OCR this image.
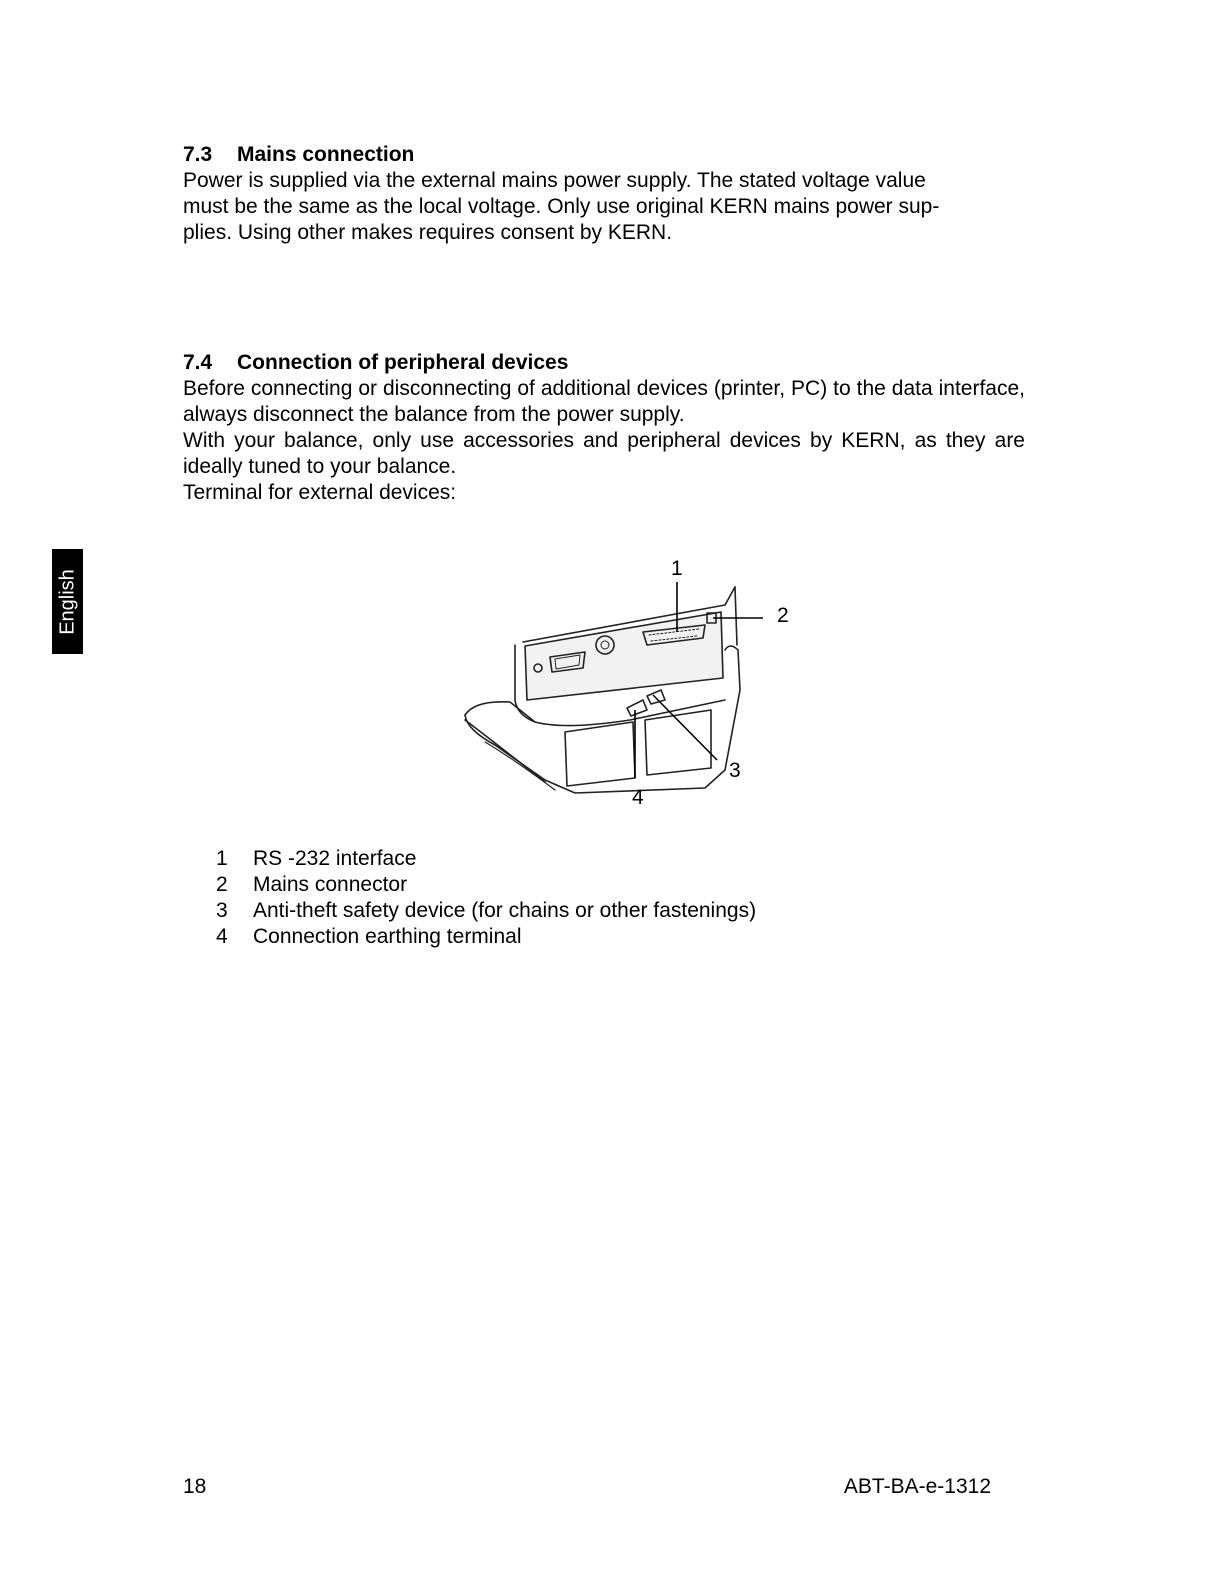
7.3	Mains connection

Power is supplied via the external mains power supply. The stated voltage value

must be the same as the local voltage. Only use original KERN mains power sup-

plies. Using other makes requires consent by KERN.

7.4	Connection of peripheral devices

Before connecting or disconnecting of additional devices (printer, PC) to the data interface, always disconnect the balance from the power supply.

With your balance, only use accessories and peripheral devices by KERN, as they are ideally tuned to your balance.

Terminal for external devices:

English
1
2
3
4
1	RS -232 interface
2	Mains connector
3	Anti-theft safety device (for chains or other fastenings)
4	Connection earthing terminal
18	ABT-BA-e-1312
